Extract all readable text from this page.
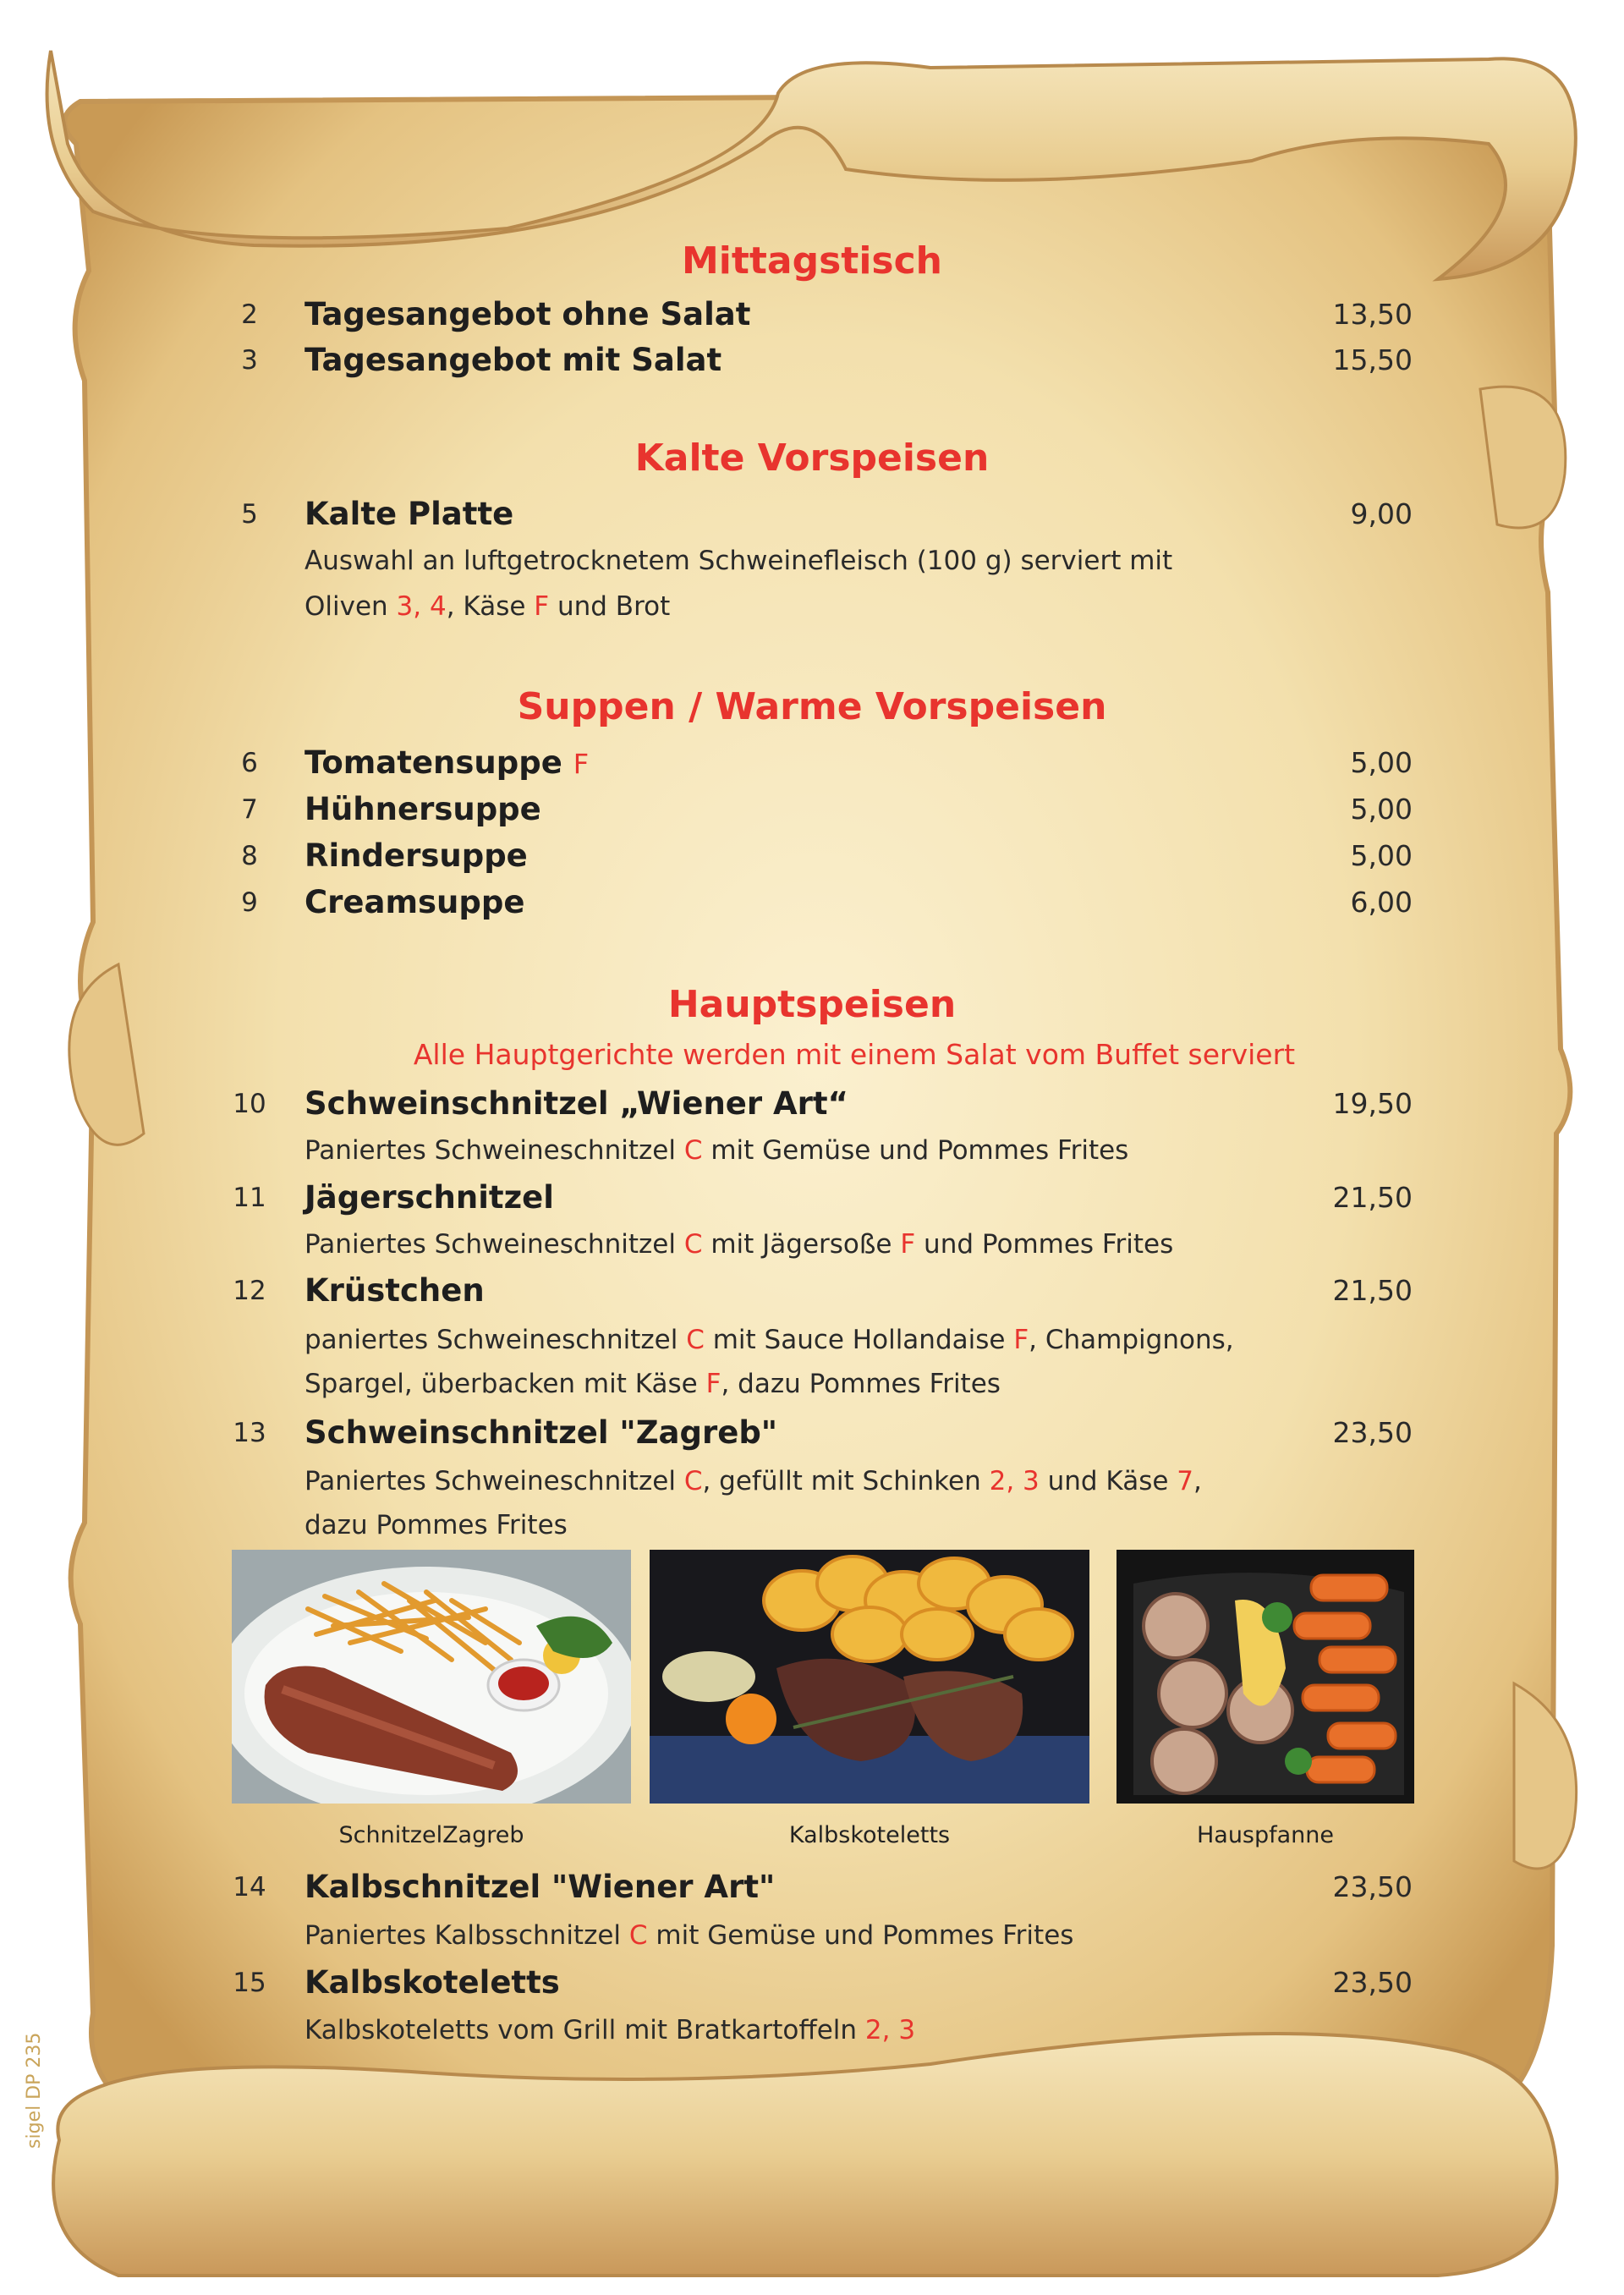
Mittagstisch
2	Tagesangebot ohne Salat	13,50
3	Tagesangebot mit Salat	15,50
Kalte Vorspeisen
5	Kalte Platte	9,00
Auswahl an luftgetrocknetem Schweinefleisch (100 g) serviert mit
Oliven 3, 4, Käse F und Brot
Suppen / Warme Vorspeisen
6	Tomatensuppe F	5,00
7	Hühnersuppe	5,00
8	Rindersuppe	5,00
9	Creamsuppe	6,00
Hauptspeisen
Alle Hauptgerichte werden mit einem Salat vom Buffet serviert
10	Schweinschnitzel „Wiener Art“	19,50
Paniertes Schweineschnitzel C mit Gemüse und Pommes Frites
11	Jägerschnitzel	21,50
Paniertes Schweineschnitzel C mit Jägersoße F und Pommes Frites
12	Krüstchen	21,50
paniertes Schweineschnitzel C mit Sauce Hollandaise F, Champignons,
Spargel, überbacken mit Käse F, dazu Pommes Frites
13	Schweinschnitzel "Zagreb"	23,50
Paniertes Schweineschnitzel C, gefüllt mit Schinken 2, 3 und Käse 7,
dazu Pommes Frites
SchnitzelZagreb	Kalbskoteletts	Hauspfanne
14	Kalbschnitzel "Wiener Art"	23,50
Paniertes Kalbsschnitzel C mit Gemüse und Pommes Frites
15	Kalbskoteletts	23,50
Kalbskoteletts vom Grill mit Bratkartoffeln 2, 3
sigel DP 235
